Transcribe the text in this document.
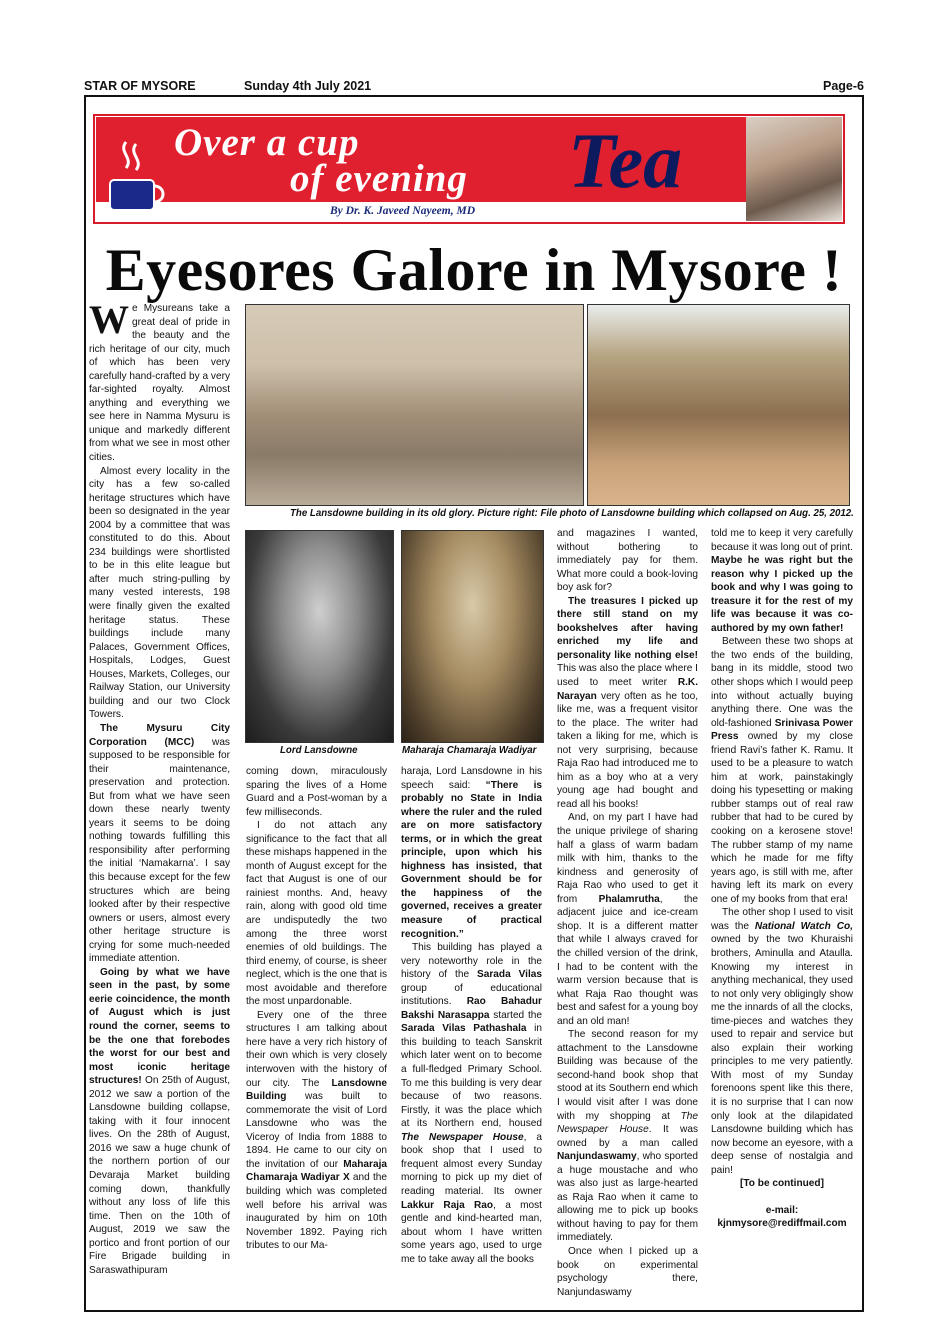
STAR OF MYSORE	Sunday 4th July 2021	Page-6
Over a cup
of evening Tea
By Dr. K. Javeed Nayeem, MD
Eyesores Galore in Mysore !
The Lansdowne building in its old glory. Picture right: File photo of Lansdowne building which collapsed on Aug. 25, 2012.
Lord Lansdowne	Maharaja Chamaraja Wadiyar

We Mysureans take a great deal of pride in the beauty and the rich heritage of our city, much of which has been very carefully hand-crafted by a very far-sighted royalty. Almost anything and everything we see here in Namma Mysuru is unique and markedly different from what we see in most other cities.

Almost every locality in the city has a few so-called heritage structures which have been so designated in the year 2004 by a committee that was constituted to do this. About 234 buildings were shortlisted to be in this elite league but after much string-pulling by many vested interests, 198 were finally given the exalted heritage status. These buildings include many Palaces, Government Offices, Hospitals, Lodges, Guest Houses, Markets, Colleges, our Railway Station, our University building and our two Clock Towers.

The Mysuru City Corporation (MCC) was supposed to be responsible for their maintenance, preservation and protection. But from what we have seen down these nearly twenty years it seems to be doing nothing towards fulfilling this responsibility after performing the initial ‘Namakarna’. I say this because except for the few structures which are being looked after by their respective owners or users, almost every other heritage structure is crying for some much-needed immediate attention.

Going by what we have seen in the past, by some eerie coincidence, the month of August which is just round the corner, seems to be the one that forebodes the worst for our best and most iconic heritage structures! On 25th of August, 2012 we saw a portion of the Lansdowne building collapse, taking with it four innocent lives. On the 28th of August, 2016 we saw a huge chunk of the northern portion of our Devaraja Market building coming down, thankfully without any loss of life this time. Then on the 10th of August, 2019 we saw the portico and front portion of our Fire Brigade building in Saraswathipuram

coming down, miraculously sparing the lives of a Home Guard and a Post-woman by a few milliseconds.

I do not attach any significance to the fact that all these mishaps happened in the month of August except for the fact that August is one of our rainiest months. And, heavy rain, along with good old time are undisputedly the two among the three worst enemies of old buildings. The third enemy, of course, is sheer neglect, which is the one that is most avoidable and therefore the most unpardonable.

Every one of the three structures I am talking about here have a very rich history of their own which is very closely interwoven with the history of our city. The Lansdowne Building was built to commemorate the visit of Lord Lansdowne who was the Viceroy of India from 1888 to 1894. He came to our city on the invitation of our Maharaja Chamaraja Wadiyar X and the building which was completed well before his arrival was inaugurated by him on 10th November 1892. Paying rich tributes to our Ma-

haraja, Lord Lansdowne in his speech said: “There is probably no State in India where the ruler and the ruled are on more satisfactory terms, or in which the great principle, upon which his highness has insisted, that Government should be for the happiness of the governed, receives a greater measure of practical recognition.”

This building has played a very noteworthy role in the history of the Sarada Vilas group of educational institutions. Rao Bahadur Bakshi Narasappa started the Sarada Vilas Pathashala in this building to teach Sanskrit which later went on to become a full-fledged Primary School. To me this building is very dear because of two reasons. Firstly, it was the place which at its Northern end, housed The Newspaper House, a book shop that I used to frequent almost every Sunday morning to pick up my diet of reading material. Its owner Lakkur Raja Rao, a most gentle and kind-hearted man, about whom I have written some years ago, used to urge me to take away all the books

and magazines I wanted, without bothering to immediately pay for them. What more could a book-loving boy ask for?

The treasures I picked up there still stand on my bookshelves after having enriched my life and personality like nothing else! This was also the place where I used to meet writer R.K. Narayan very often as he too, like me, was a frequent visitor to the place. The writer had taken a liking for me, which is not very surprising, because Raja Rao had introduced me to him as a boy who at a very young age had bought and read all his books!

And, on my part I have had the unique privilege of sharing half a glass of warm badam milk with him, thanks to the kindness and generosity of Raja Rao who used to get it from Phalamrutha, the adjacent juice and ice-cream shop. It is a different matter that while I always craved for the chilled version of the drink, I had to be content with the warm version because that is what Raja Rao thought was best and safest for a young boy and an old man!

The second reason for my attachment to the Lansdowne Building was because of the second-hand book shop that stood at its Southern end which I would visit after I was done with my shopping at The Newspaper House. It was owned by a man called Nanjundaswamy, who sported a huge moustache and who was also just as large-hearted as Raja Rao when it came to allowing me to pick up books without having to pay for them immediately.

Once when I picked up a book on experimental psychology there, Nanjundaswamy

told me to keep it very carefully because it was long out of print. Maybe he was right but the reason why I picked up the book and why I was going to treasure it for the rest of my life was because it was co-authored by my own father!

Between these two shops at the two ends of the building, bang in its middle, stood two other shops which I would peep into without actually buying anything there. One was the old-fashioned Srinivasa Power Press owned by my close friend Ravi’s father K. Ramu. It used to be a pleasure to watch him at work, painstakingly doing his typesetting or making rubber stamps out of real raw rubber that had to be cured by cooking on a kerosene stove! The rubber stamp of my name which he made for me fifty years ago, is still with me, after having left its mark on every one of my books from that era!

The other shop I used to visit was the National Watch Co, owned by the two Khuraishi brothers, Aminulla and Ataulla. Knowing my interest in anything mechanical, they used to not only very obligingly show me the innards of all the clocks, time-pieces and watches they used to repair and service but also explain their working principles to me very patiently. With most of my Sunday forenoons spent like this there, it is no surprise that I can now only look at the dilapidated Lansdowne building which has now become an eyesore, with a deep sense of nostalgia and pain!

[To be continued]

e-mail:

kjnmysore@rediffmail.com
